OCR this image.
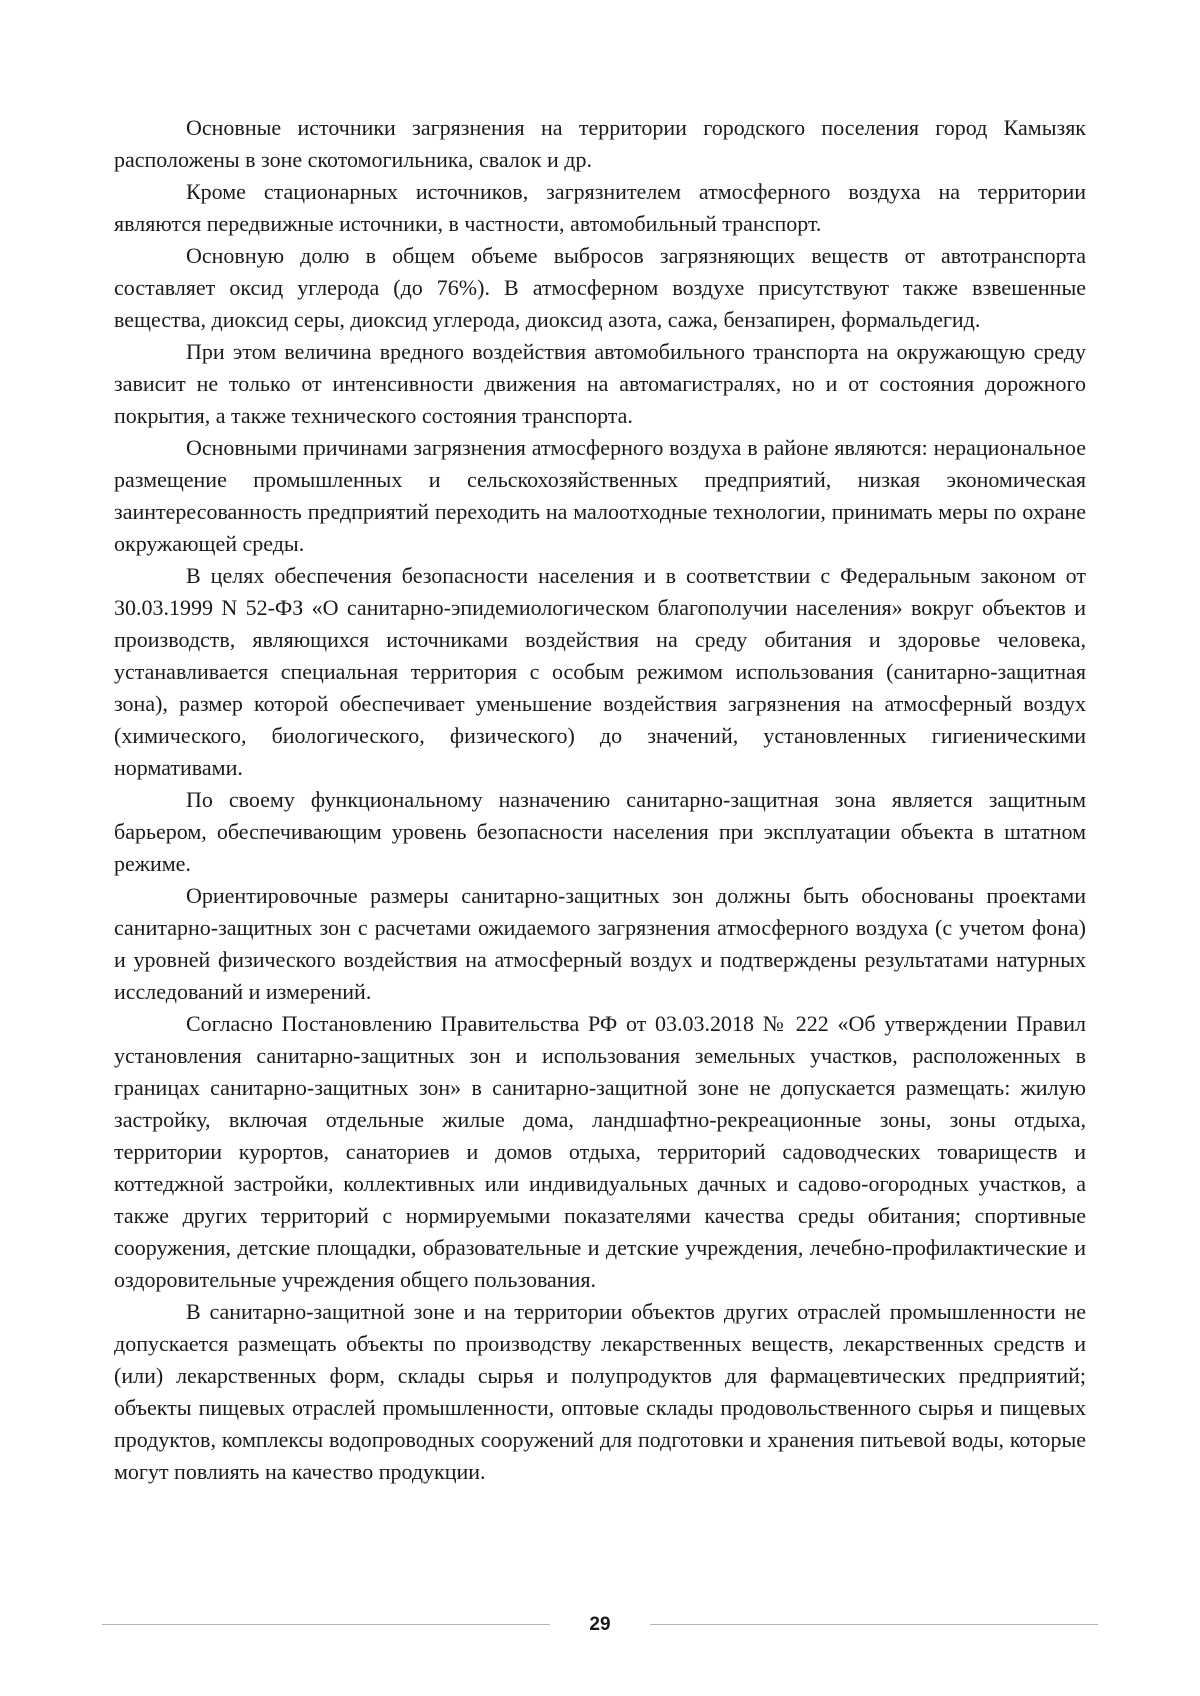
Основные источники загрязнения на территории городского поселения город Камызяк расположены в зоне скотомогильника, свалок и др.

Кроме стационарных источников, загрязнителем атмосферного воздуха на территории являются передвижные источники, в частности, автомобильный транспорт.

Основную долю в общем объеме выбросов загрязняющих веществ от автотранспорта составляет оксид углерода (до 76%). В атмосферном воздухе присутствуют также взвешенные вещества, диоксид серы, диоксид углерода, диоксид азота, сажа, бензапирен, формальдегид.

При этом величина вредного воздействия автомобильного транспорта на окружающую среду зависит не только от интенсивности движения на автомагистралях, но и от состояния дорожного покрытия, а также технического состояния транспорта.

Основными причинами загрязнения атмосферного воздуха в районе являются: нерациональное размещение промышленных и сельскохозяйственных предприятий, низкая экономическая заинтересованность предприятий переходить на малоотходные технологии, принимать меры по охране окружающей среды.

В целях обеспечения безопасности населения и в соответствии с Федеральным законом от 30.03.1999 N 52-ФЗ «О санитарно-эпидемиологическом благополучии населения» вокруг объектов и производств, являющихся источниками воздействия на среду обитания и здоровье человека, устанавливается специальная территория с особым режимом использования (санитарно-защитная зона), размер которой обеспечивает уменьшение воздействия загрязнения на атмосферный воздух (химического, биологического, физического) до значений, установленных гигиеническими нормативами.

По своему функциональному назначению санитарно-защитная зона является защитным барьером, обеспечивающим уровень безопасности населения при эксплуатации объекта в штатном режиме.

Ориентировочные размеры санитарно-защитных зон должны быть обоснованы проектами санитарно-защитных зон с расчетами ожидаемого загрязнения атмосферного воздуха (с учетом фона) и уровней физического воздействия на атмосферный воздух и подтверждены результатами натурных исследований и измерений.

Согласно Постановлению Правительства РФ от 03.03.2018 № 222 «Об утверждении Правил установления санитарно-защитных зон и использования земельных участков, расположенных в границах санитарно-защитных зон» в санитарно-защитной зоне не допускается размещать: жилую застройку, включая отдельные жилые дома, ландшафтно-рекреационные зоны, зоны отдыха, территории курортов, санаториев и домов отдыха, территорий садоводческих товариществ и коттеджной застройки, коллективных или индивидуальных дачных и садово-огородных участков, а также других территорий с нормируемыми показателями качества среды обитания; спортивные сооружения, детские площадки, образовательные и детские учреждения, лечебно-профилактические и оздоровительные учреждения общего пользования.

В санитарно-защитной зоне и на территории объектов других отраслей промышленности не допускается размещать объекты по производству лекарственных веществ, лекарственных средств и (или) лекарственных форм, склады сырья и полупродуктов для фармацевтических предприятий; объекты пищевых отраслей промышленности, оптовые склады продовольственного сырья и пищевых продуктов, комплексы водопроводных сооружений для подготовки и хранения питьевой воды, которые могут повлиять на качество продукции.

29
